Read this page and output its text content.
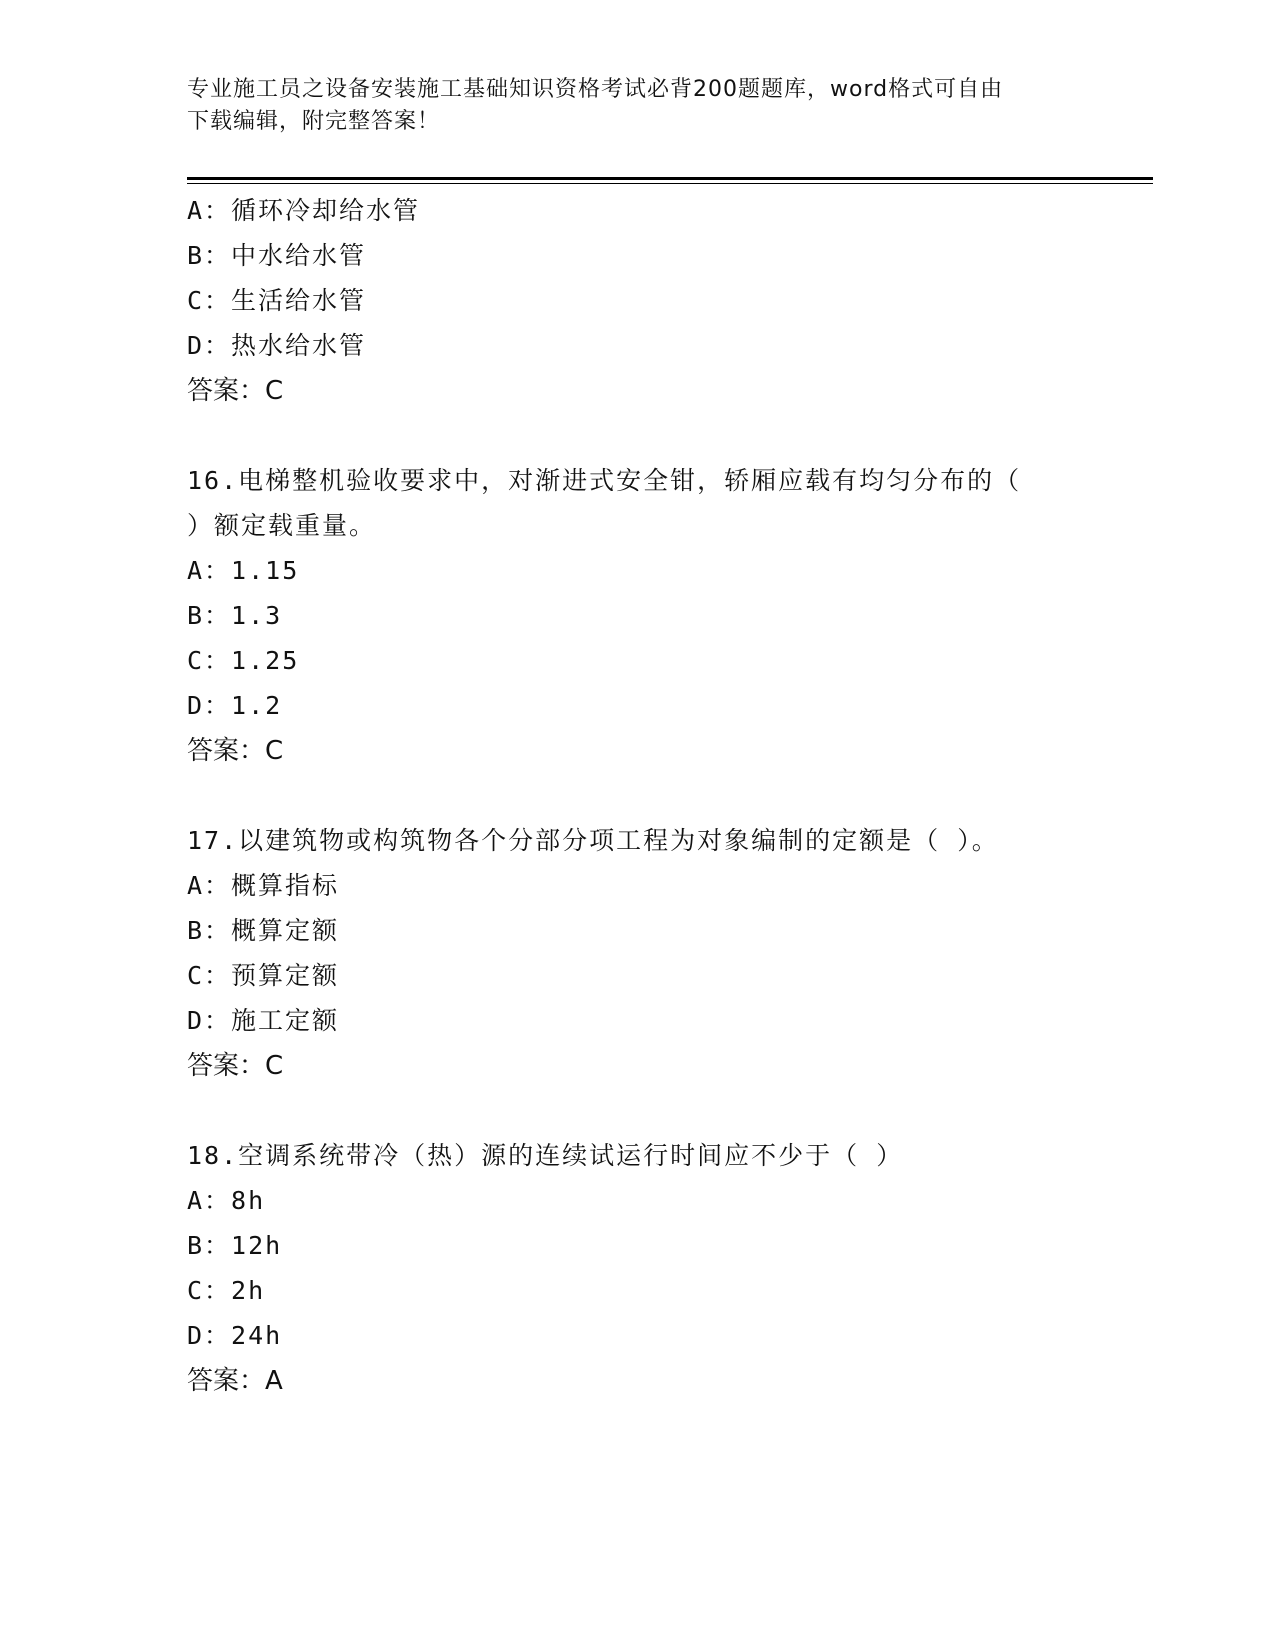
专业施工员之设备安装施工基础知识资格考试必背200题题库，word格式可自由
下载编辑，附完整答案！
A：循环冷却给水管
B：中水给水管
C：生活给水管
D：热水给水管
答案：C
16.电梯整机验收要求中，对渐进式安全钳，轿厢应载有均匀分布的（
）额定载重量。
A：1.15
B：1.3
C：1.25
D：1.2
答案：C
17.以建筑物或构筑物各个分部分项工程为对象编制的定额是（ ）。
A：概算指标
B：概算定额
C：预算定额
D：施工定额
答案：C
18.空调系统带冷（热）源的连续试运行时间应不少于（ ）
A：8h
B：12h
C：2h
D：24h
答案：A
